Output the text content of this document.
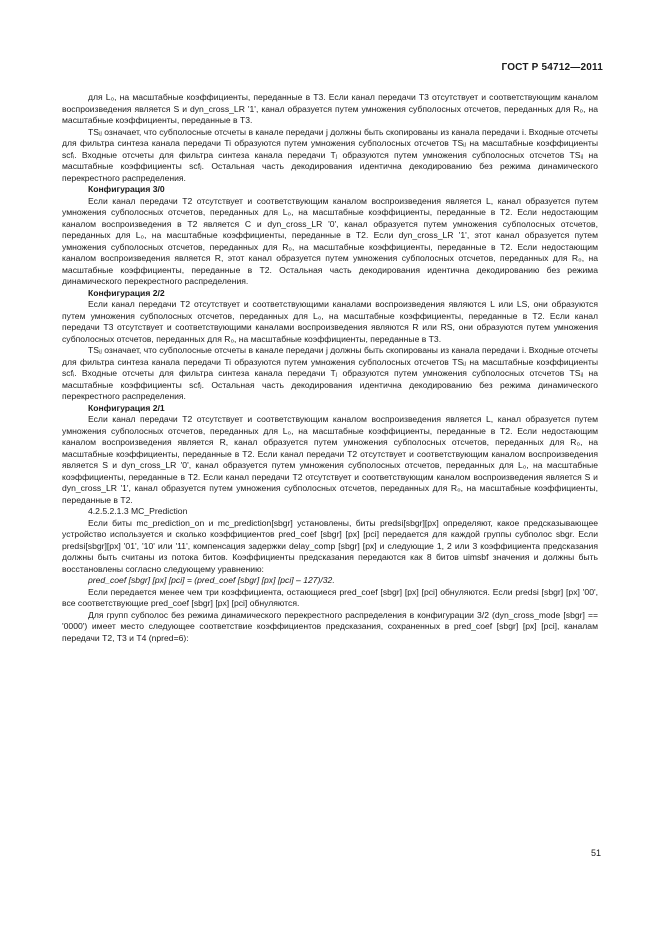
ГОСТ Р 54712—2011

для L₀, на масштабные коэффициенты, переданные в T3. Если канал передачи T3 отсутствует и соответствующим каналом воспроизведения является S и dyn_cross_LR '1', канал образуется путем умножения субполосных отсчетов, переданных для R₀, на масштабные коэффициенты, переданные в T3.

TSᵢⱼ означает, что субполосные отсчеты в канале передачи j должны быть скопированы из канала передачи i. Входные отсчеты для фильтра синтеза канала передачи Ti образуются путем умножения субполосных отсчетов TSᵢⱼ на масштабные коэффициенты scfᵢ. Входные отсчеты для фильтра синтеза канала передачи Tⱼ образуются путем умножения субполосных отсчетов TSᵢⱼ на масштабные коэффициенты scfⱼ. Остальная часть декодирования идентична декодированию без режима динамического перекрестного распределения.

Конфигурация 3/0

Если канал передачи T2 отсутствует и соответствующим каналом воспроизведения является L, канал образуется путем умножения субполосных отсчетов, переданных для L₀, на масштабные коэффициенты, переданные в T2. Если недостающим каналом воспроизведения в T2 является C и dyn_cross_LR '0', канал образуется путем умножения субполосных отсчетов, переданных для L₀, на масштабные коэффициенты, переданные в T2. Если dyn_cross_LR '1', этот канал образуется путем умножения субполосных отсчетов, переданных для R₀, на масштабные коэффициенты, переданные в T2. Если недостающим каналом воспроизведения является R, этот канал образуется путем умножения субполосных отсчетов, переданных для R₀, на масштабные коэффициенты, переданные в T2. Остальная часть декодирования идентична декодированию без режима динамического перекрестного распределения.

Конфигурация 2/2

Если канал передачи T2 отсутствует и соответствующими каналами воспроизведения являются L или LS, они образуются путем умножения субполосных отсчетов, переданных для L₀, на масштабные коэффициенты, переданные в T2. Если канал передачи T3 отсутствует и соответствующими каналами воспроизведения являются R или RS, они образуются путем умножения субполосных отсчетов, переданных для R₀, на масштабные коэффициенты, переданные в T3.

TSᵢⱼ означает, что субполосные отсчеты в канале передачи j должны быть скопированы из канала передачи i. Входные отсчеты для фильтра синтеза канала передачи Ti образуются путем умножения субполосных отсчетов TSᵢⱼ на масштабные коэффициенты scfᵢ. Входные отсчеты для фильтра синтеза канала передачи Tⱼ образуются путем умножения субполосных отсчетов TSᵢⱼ на масштабные коэффициенты scfⱼ. Остальная часть декодирования идентична декодированию без режима динамического перекрестного распределения.

Конфигурация 2/1

Если канал передачи T2 отсутствует и соответствующим каналом воспроизведения является L, канал образуется путем умножения субполосных отсчетов, переданных для L₀, на масштабные коэффициенты, переданные в T2. Если недостающим каналом воспроизведения является R, канал образуется путем умножения субполосных отсчетов, переданных для R₀, на масштабные коэффициенты, переданные в T2. Если канал передачи T2 отсутствует и соответствующим каналом воспроизведения является S и dyn_cross_LR '0', канал образуется путем умножения субполосных отсчетов, переданных для L₀, на масштабные коэффициенты, переданные в T2. Если канал передачи T2 отсутствует и соответствующим каналом воспроизведения является S и dyn_cross_LR '1', канал образуется путем умножения субполосных отсчетов, переданных для R₀, на масштабные коэффициенты, переданные в T2.

4.2.5.2.1.3 MC_Prediction

Если биты mc_prediction_on и mc_prediction[sbgr] установлены, биты predsi[sbgr][px] определяют, какое предсказывающее устройство используется и сколько коэффициентов pred_coef [sbgr] [px] [pci] передается для каждой группы субполос sbgr. Если predsi[sbgr][px] '01', '10' или '11', компенсация задержки delay_comp [sbgr] [px] и следующие 1, 2 или 3 коэффициента предсказания должны быть считаны из потока битов. Коэффициенты предсказания передаются как 8 битов uimsbf значения и должны быть восстановлены согласно следующему уравнению:

pred_coef [sbgr] [px] [pci] = (pred_coef [sbgr] [px] [pci] – 127)/32.

Если передается менее чем три коэффициента, остающиеся pred_coef [sbgr] [px] [pci] обнуляются. Если predsi [sbgr] [px] '00', все соответствующие pred_coef [sbgr] [px] [pci] обнуляются.

Для групп субполос без режима динамического перекрестного распределения в конфигурации 3/2 (dyn_cross_mode [sbgr] == '0000') имеет место следующее соответствие коэффициентов предсказания, сохраненных в pred_coef [sbgr] [px] [pci], каналам передачи T2, T3 и T4 (npred=6):

51
